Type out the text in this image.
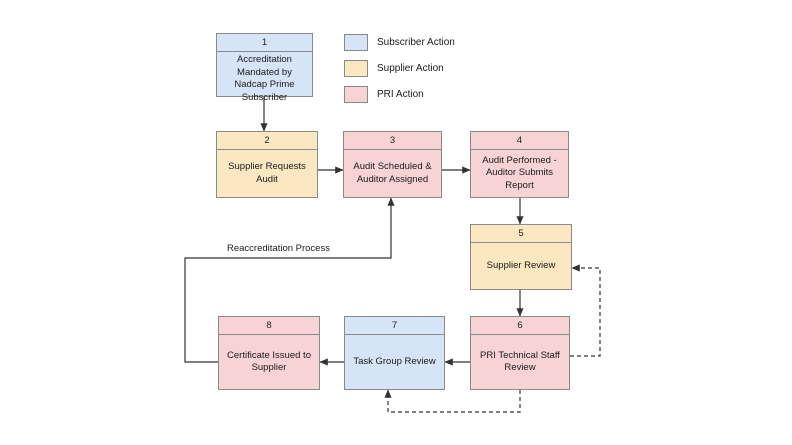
1
Accreditation Mandated by Nadcap Prime Subscriber
2
Supplier Requests Audit
3
Audit Scheduled & Auditor Assigned
4
Audit Performed - Auditor Submits Report
5
Supplier Review
6
PRI Technical Staff Review
7
Task Group Review
8
Certificate Issued to Supplier
Reaccreditation Process
Subscriber Action
Supplier Action
PRI Action
